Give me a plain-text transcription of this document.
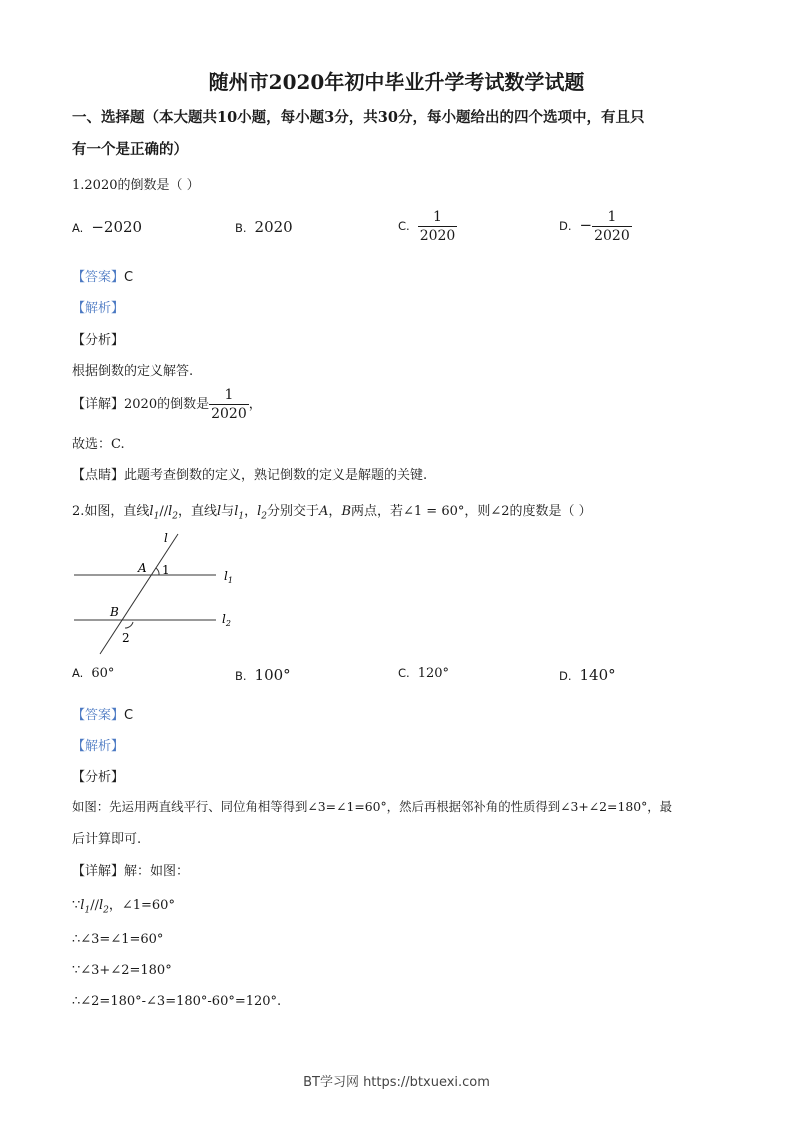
随州市2020年初中毕业升学考试数学试题
一、选择题（本大题共10小题，每小题3分，共30分，每小题给出的四个选项中，有且只
有一个是正确的）
1.2020的倒数是（ ）
A. −2020	B. 2020	C. $\frac{1}{2020}$	D. − $\frac{1}{2020}$
【答案】C
【解析】
【分析】
根据倒数的定义解答.
【详解】2020的倒数是 $\frac{1}{2020}$ ，
故选：C.
【点睛】此题考查倒数的定义，熟记倒数的定义是解题的关键.
2.如图，直线$l_1//l_2$，直线l与$l_1$，$l_2$分别交于A，B两点，若∠1 = 60°，则∠2的度数是（ ）
l
A 1	$l_1$
B
2
$l_2$
A. 60°	B. 100°	C. 120°	D. 140°
【答案】C
【解析】
【分析】
如图：先运用两直线平行、同位角相等得到∠3=∠1=60°，然后再根据邻补角的性质得到∠3+∠2=180°，最
后计算即可.
【详解】解：如图：
$\because l_1//l_2$，∠1=60°
∴∠3=∠1=60°
∵∠3+∠2=180°
∴∠2=180°-∠3=180°-60°=120°.
BT学习网 https://btxuexi.com
